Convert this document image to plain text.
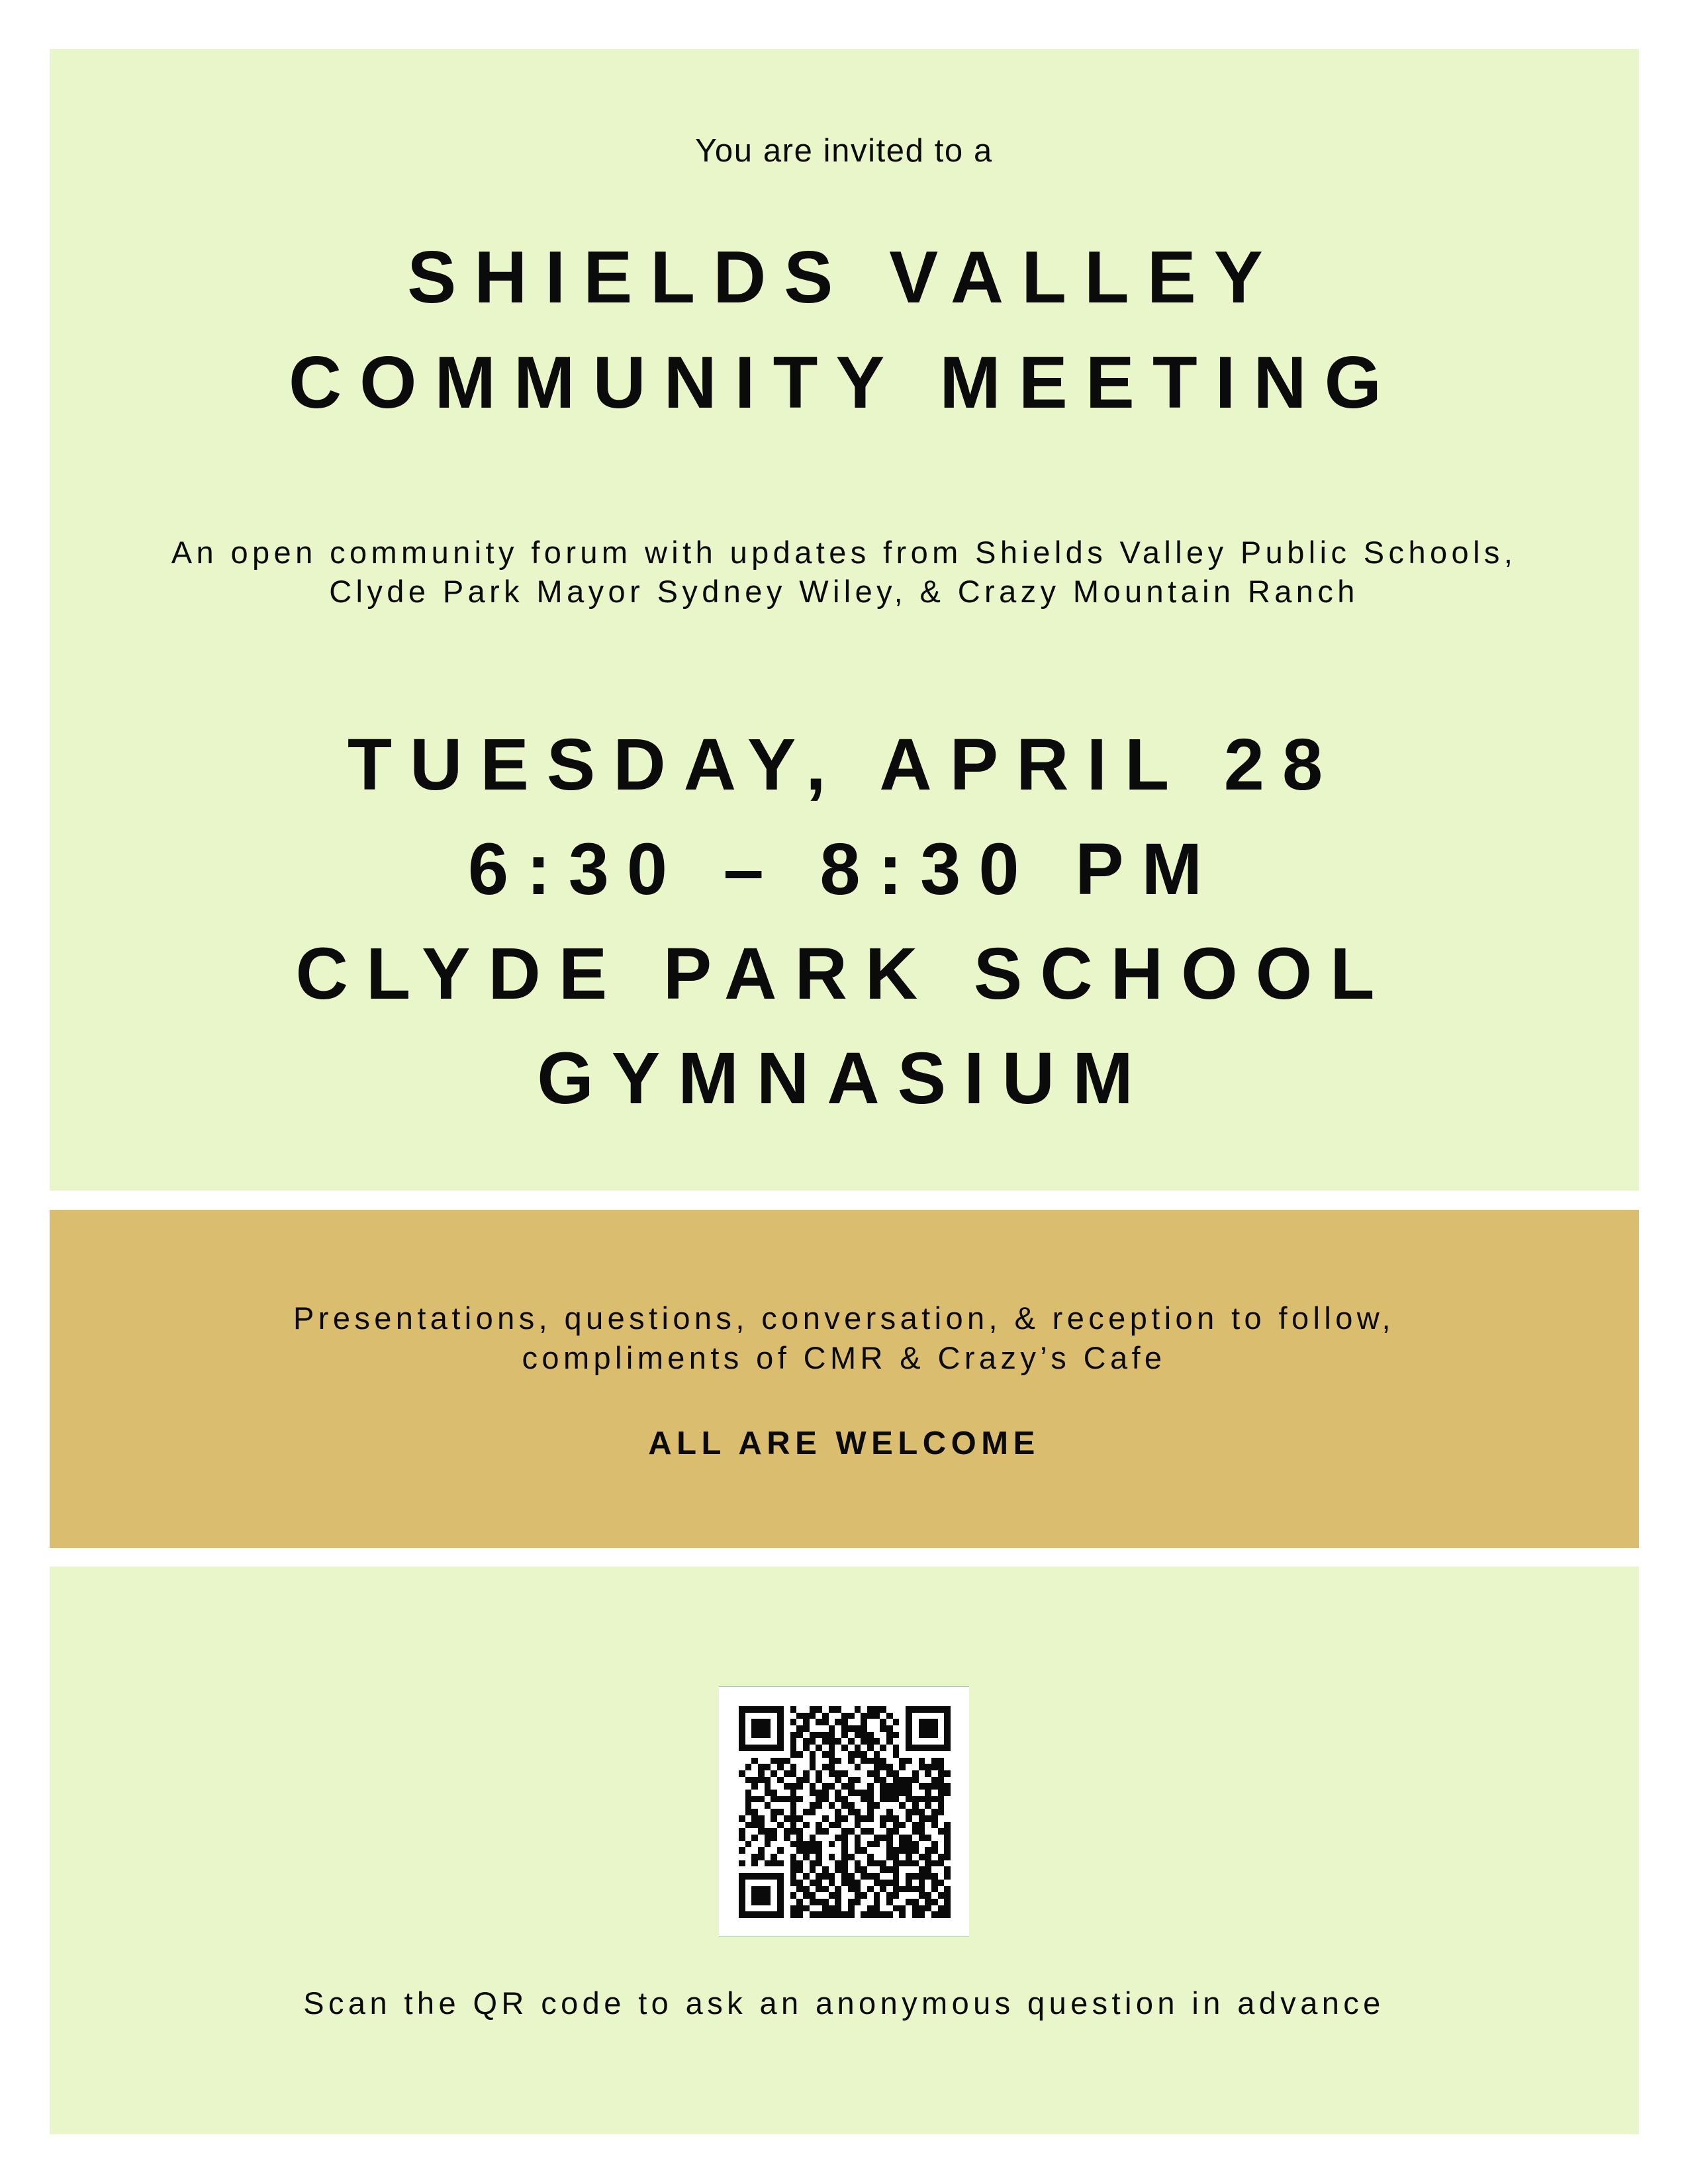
You are invited to a

SHIELDS VALLEY
COMMUNITY MEETING

An open community forum with updates from Shields Valley Public Schools,

Clyde Park Mayor Sydney Wiley, & Crazy Mountain Ranch

TUESDAY, APRIL 28

6:30 – 8:30 PM

CLYDE PARK SCHOOL

GYMNASIUM

Presentations, questions, conversation, & reception to follow,

compliments of CMR & Crazy’s Cafe

ALL ARE WELCOME

Scan the QR code to ask an anonymous question in advance
